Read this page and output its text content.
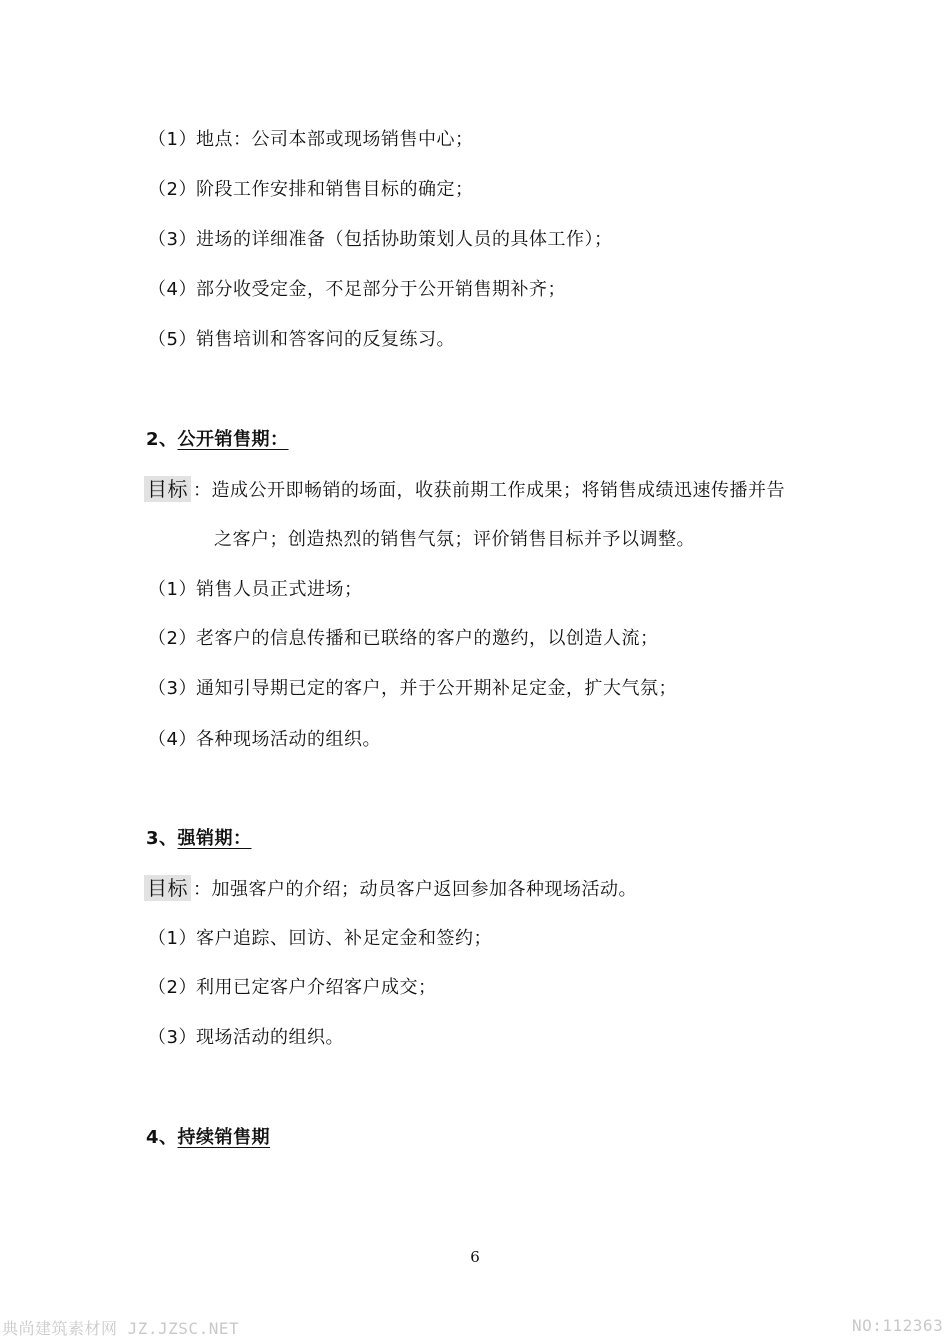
（1）地点：公司本部或现场销售中心；
（2）阶段工作安排和销售目标的确定；
（3）进场的详细准备（包括协助策划人员的具体工作）；
（4）部分收受定金，不足部分于公开销售期补齐；
（5）销售培训和答客问的反复练习。
2、公开销售期：
目标 ：造成公开即畅销的场面，收获前期工作成果；将销售成绩迅速传播并告
之客户；创造热烈的销售气氛；评价销售目标并予以调整。
（1）销售人员正式进场；
（2）老客户的信息传播和已联络的客户的邀约，以创造人流；
（3）通知引导期已定的客户，并于公开期补足定金，扩大气氛；
（4）各种现场活动的组织。
3、强销期：
目标 ：加强客户的介绍；动员客户返回参加各种现场活动。
（1）客户追踪、回访、补足定金和签约；
（2）利用已定客户介绍客户成交；
（3）现场活动的组织。
4、持续销售期
6
典尚建筑素材网 JZ.JZSC.NET	NO:112363
